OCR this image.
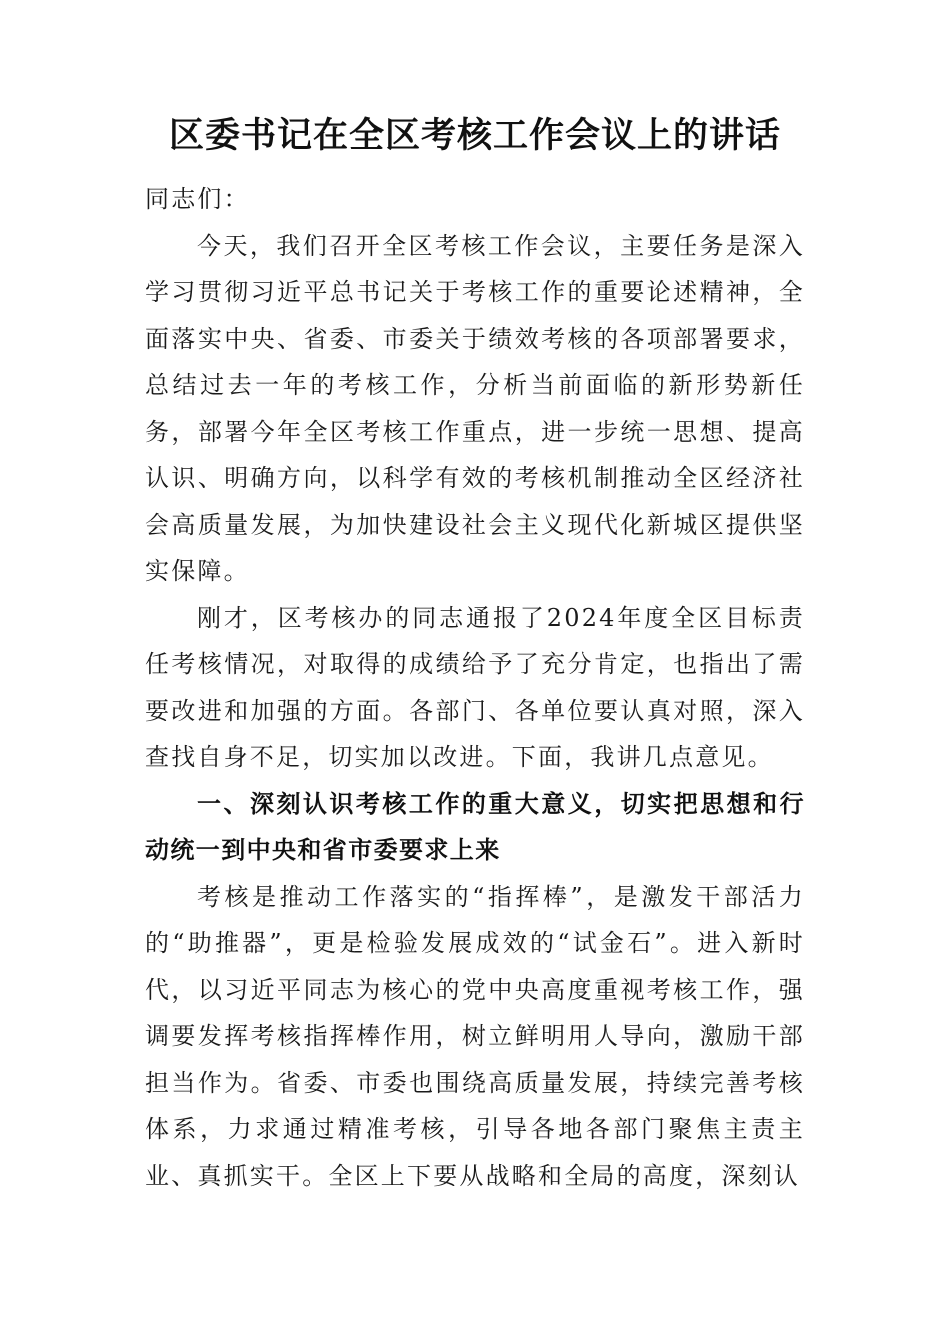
区委书记在全区考核工作会议上的讲话

同志们：

今天，我们召开全区考核工作会议，主要任务是深入学习贯彻习近平总书记关于考核工作的重要论述精神，全面落实中央、省委、市委关于绩效考核的各项部署要求，总结过去一年的考核工作，分析当前面临的新形势新任务，部署今年全区考核工作重点，进一步统一思想、提高认识、明确方向，以科学有效的考核机制推动全区经济社会高质量发展，为加快建设社会主义现代化新城区提供坚实保障。

刚才，区考核办的同志通报了2024年度全区目标责任考核情况，对取得的成绩给予了充分肯定，也指出了需要改进和加强的方面。各部门、各单位要认真对照，深入查找自身不足，切实加以改进。下面，我讲几点意见。

一、深刻认识考核工作的重大意义，切实把思想和行动统一到中央和省市委要求上来

考核是推动工作落实的“指挥棒”，是激发干部活力的“助推器”，更是检验发展成效的“试金石”。进入新时代，以习近平同志为核心的党中央高度重视考核工作，强调要发挥考核指挥棒作用，树立鲜明用人导向，激励干部担当作为。省委、市委也围绕高质量发展，持续完善考核体系，力求通过精准考核，引导各地各部门聚焦主责主业、真抓实干。全区上下要从战略和全局的高度，深刻认
